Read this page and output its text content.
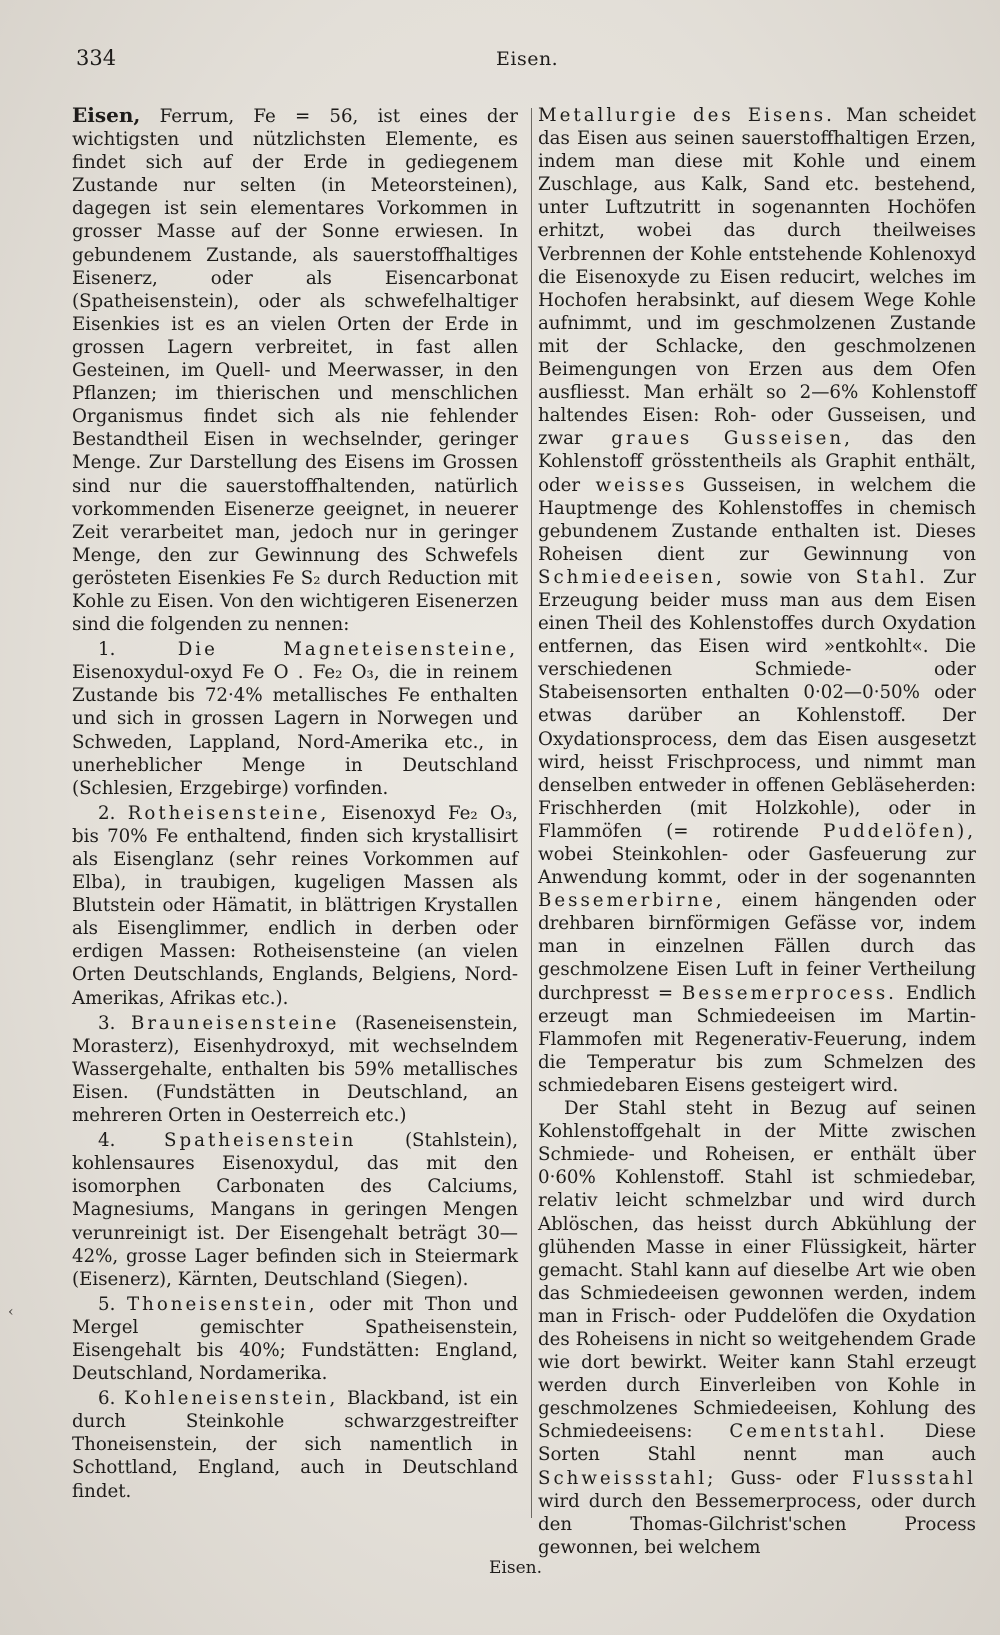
334	Eisen.

Eisen, Ferrum, Fe = 56, ist eines der wichtigsten und nützlichsten Elemente, es findet sich auf der Erde in gediegenem Zustande nur selten (in Meteorsteinen), dagegen ist sein elementares Vorkommen in grosser Masse auf der Sonne erwiesen. In gebundenem Zustande, als sauerstoffhaltiges Eisenerz, oder als Eisencarbonat (Spatheisenstein), oder als schwefelhaltiger Eisenkies ist es an vielen Orten der Erde in grossen Lagern verbreitet, in fast allen Gesteinen, im Quell- und Meerwasser, in den Pflanzen; im thierischen und menschlichen Organismus findet sich als nie fehlender Bestandtheil Eisen in wechselnder, geringer Menge. Zur Darstellung des Eisens im Grossen sind nur die sauerstoffhaltenden, natürlich vorkommenden Eisenerze geeignet, in neuerer Zeit verarbeitet man, jedoch nur in geringer Menge, den zur Gewinnung des Schwefels gerösteten Eisenkies Fe S₂ durch Reduction mit Kohle zu Eisen. Von den wichtigeren Eisenerzen sind die folgenden zu nennen:

1.	Die Magneteisensteine, Eisenoxydul-oxyd Fe O . Fe₂ O₃, die in reinem Zustande bis 72·4% metallisches Fe enthalten und sich in grossen Lagern in Norwegen und Schweden, Lappland, Nord-Amerika etc., in unerheblicher Menge in Deutschland (Schlesien, Erzgebirge) vorfinden.

2. Rotheisensteine, Eisenoxyd Fe₂ O₃, bis 70% Fe enthaltend, finden sich krystallisirt als Eisenglanz (sehr reines Vorkommen auf Elba), in traubigen, kugeligen Massen als Blutstein oder Hämatit, in blättrigen Krystallen als Eisenglimmer, endlich in derben oder erdigen Massen: Rotheisensteine (an vielen Orten Deutschlands, Englands, Belgiens, Nord-Amerikas, Afrikas etc.).

3. Brauneisensteine (Raseneisenstein, Morasterz), Eisenhydroxyd, mit wechselndem Wassergehalte, enthalten bis 59% metallisches Eisen. (Fundstätten in Deutschland, an mehreren Orten in Oesterreich etc.)

4.	Spatheisenstein	(Stahlstein), kohlensaures Eisenoxydul, das mit den isomorphen Carbonaten des Calciums, Magnesiums, Mangans in geringen Mengen verunreinigt ist. Der Eisengehalt beträgt 30—42%, grosse Lager befinden sich in Steiermark (Eisenerz), Kärnten, Deutschland (Siegen).

5. Thoneisenstein, oder mit Thon und Mergel gemischter Spatheisenstein, Eisengehalt bis 40%; Fundstätten: England, Deutschland, Nordamerika.

6. Kohleneisenstein, Blackband, ist ein durch Steinkohle schwarzgestreifter Thoneisenstein, der sich namentlich in Schottland, England, auch in Deutschland findet.

Metallurgie des Eisens. Man scheidet das Eisen aus seinen sauerstoffhaltigen Erzen, indem man diese mit Kohle und einem Zuschlage, aus Kalk, Sand etc. bestehend, unter Luftzutritt in sogenannten Hochöfen erhitzt, wobei das durch theilweises Verbrennen der Kohle entstehende Kohlenoxyd die Eisenoxyde zu Eisen reducirt, welches im Hochofen herabsinkt, auf diesem Wege Kohle aufnimmt, und im geschmolzenen Zustande mit der Schlacke, den geschmolzenen Beimengungen von Erzen aus dem Ofen ausfliesst. Man erhält so 2—6% Kohlenstoff haltendes Eisen: Roh- oder Gusseisen, und zwar graues Gusseisen, das den Kohlenstoff grösstentheils als Graphit enthält, oder weisses Gusseisen, in welchem die Hauptmenge des Kohlenstoffes in chemisch gebundenem Zustande enthalten ist. Dieses Roheisen dient zur Gewinnung von Schmiedeeisen, sowie von Stahl. Zur Erzeugung beider muss man aus dem Eisen einen Theil des Kohlenstoffes durch Oxydation entfernen, das Eisen wird »entkohlt«. Die verschiedenen Schmiede- oder Stabeisensorten enthalten 0·02—0·50% oder etwas darüber an Kohlenstoff. Der Oxydationsprocess, dem das Eisen ausgesetzt wird, heisst Frischprocess, und nimmt man denselben entweder in offenen Gebläseherden: Frischherden (mit Holzkohle), oder in Flammöfen (= rotirende Puddelöfen), wobei Steinkohlen- oder Gasfeuerung zur Anwendung kommt, oder in der sogenannten Bessemerbirne, einem hängenden oder drehbaren birnförmigen Gefässe vor, indem man in einzelnen Fällen durch das geschmolzene Eisen Luft in feiner Vertheilung durchpresst = Bessemerprocess. Endlich erzeugt man Schmiedeeisen im Martin-Flammofen mit Regenerativ-Feuerung, indem die Temperatur bis zum Schmelzen des schmiedebaren Eisens gesteigert wird.

Der Stahl steht in Bezug auf seinen Kohlenstoffgehalt in der Mitte zwischen Schmiede- und Roheisen, er enthält über 0·60% Kohlenstoff. Stahl ist schmiedebar, relativ leicht schmelzbar und wird durch Ablöschen, das heisst durch Abkühlung der glühenden Masse in einer Flüssigkeit, härter gemacht. Stahl kann auf dieselbe Art wie oben das Schmiedeeisen gewonnen werden, indem man in Frisch- oder Puddelöfen die Oxydation des Roheisens in nicht so weitgehendem Grade wie dort bewirkt. Weiter kann Stahl erzeugt werden durch Einverleiben von Kohle in geschmolzenes Schmiedeeisen, Kohlung des Schmiedeeisens: Cementstahl. Diese Sorten Stahl nennt man auch Schweissstahl; Guss- oder Flussstahl wird durch den Bessemerprocess, oder durch den Thomas-Gilchrist'schen Process gewonnen, bei welchem

Eisen.
‹
